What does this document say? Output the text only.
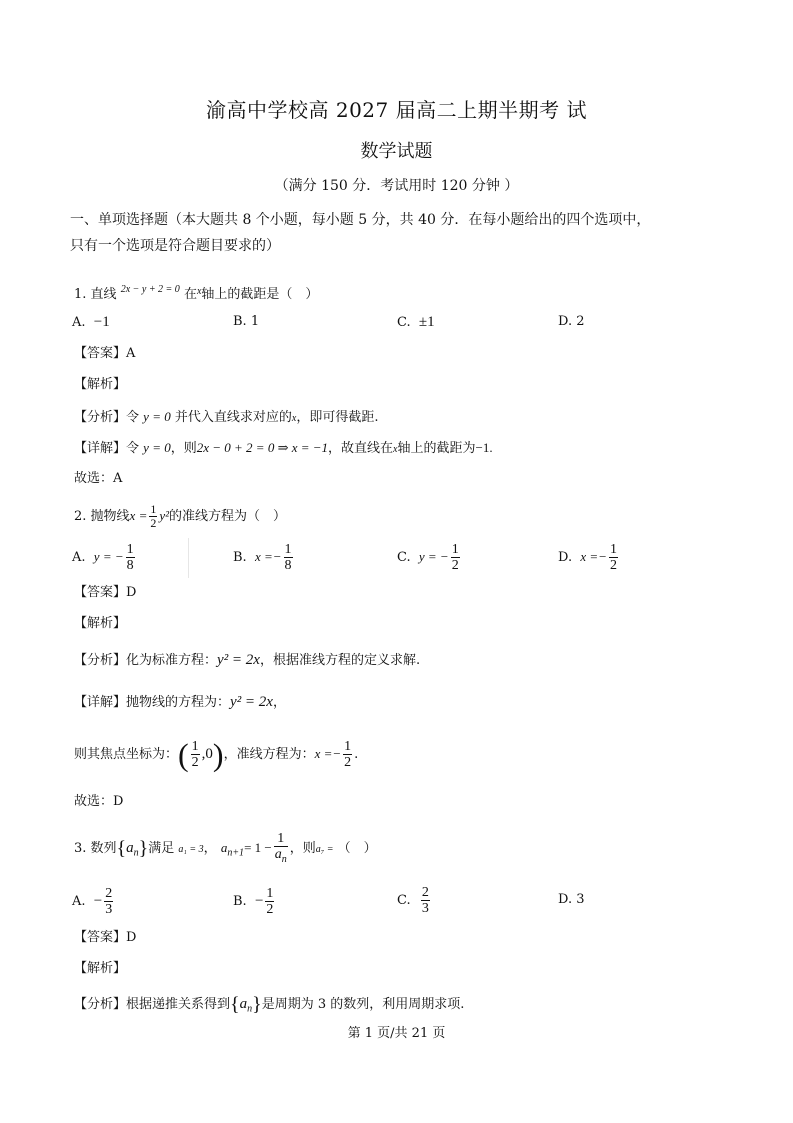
渝高中学校高 2027 届高二上期半期考 试
数学试题
（满分 150 分．考试用时 120 分钟 ）
一、单项选择题（本大题共 8 个小题，每小题 5 分，共 40 分．在每小题给出的四个选项中，
只有一个选项是符合题目要求的）
1. 直线 $^{2x - y + 2 = 0}$ 在$^x$轴上的截距是（　）
A. −1	B. 1	C. ±1	D. 2
【答案】A
【解析】
【分析】令 y = 0 并代入直线求对应的x，即可得截距.
【详解】令 y = 0，则2x − 0 + 2 = 0 ⇒ x = −1，故直线在x轴上的截距为−1.
故选：A
2. 抛物线$x = \frac{1}{2} y^2$的准线方程为（　）
A. y = − $\frac{1}{8}$	B. $x =- \frac{1}{8}$	C. y = − $\frac{1}{2}$	D. $x =- \frac{1}{2}$
【答案】D
【解析】
【分析】化为标准方程：y² = 2x，根据准线方程的定义求解.
【详解】抛物线的方程为：y² = 2x，
则其焦点坐标为：( $\frac{1}{2} ,0$)，准线方程为：$x =- \frac{1}{2}$ .
故选：D
3. 数列$\{a_n\}$满足 a₁ = 3， $a_{n+1}= 1 - \frac{1}{a_n}$ ，则a₇ = （　）
A. − $\frac{2}{3}$	B. − $\frac{1}{2}$	C. $\frac{2}{3}$	D. 3
【答案】D
【解析】
【分析】根据递推关系得到$\{a_n\}$是周期为 3 的数列，利用周期求项.
第 1 页/共 21 页
